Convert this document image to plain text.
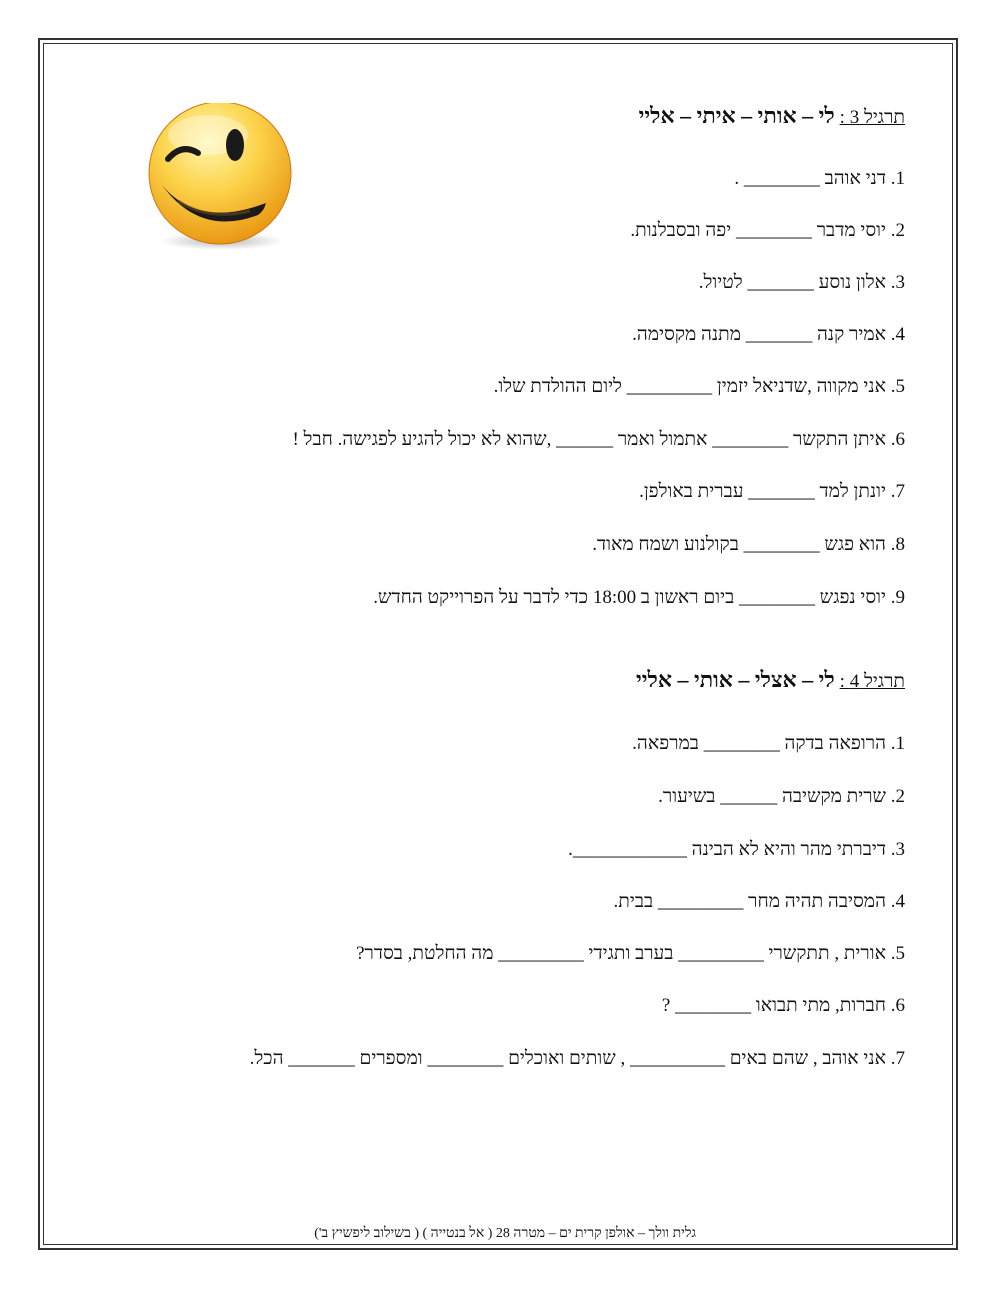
תרגיל 3 : לי – אותי – איתי – אליי
1. דני אוהב ________ .
2. יוסי מדבר ________ יפה ובסבלנות.
3. אלון נוסע _______ לטיול.
4. אמיר קנה _______ מתנה מקסימה.
5. אני מקווה ,שדניאל יזמין _________ ליום ההולדת שלו.
6. איתן התקשר ________ אתמול ואמר ______ ,שהוא לא יכול להגיע לפגישה. חבל !
7. יונתן למד _______ עברית באולפן.
8. הוא פגש ________ בקולנוע ושמח מאוד.
9. יוסי נפגש ________ ביום ראשון ב 18:00 כדי לדבר על הפרוייקט החדש.
תרגיל 4 : לי – אצלי – אותי – אליי
1. הרופאה בדקה ________ במרפאה.
2. שרית מקשיבה ______ בשיעור.
3. דיברתי מהר והיא לא הבינה ____________.
4. המסיבה תהיה מחר _________ בבית.
5. אורית , תתקשרי _________ בערב ותגידי _________ מה החלטת, בסדר?
6. חברות, מתי תבואו ________ ?
7. אני אוהב , שהם באים __________ , שותים ואוכלים ________ ומספרים _______ הכל.
גלית וולך – אולפן קרית ים – מטרה 28 ( אל בנטייה ) ( בשילוב ליפשיץ ב')
